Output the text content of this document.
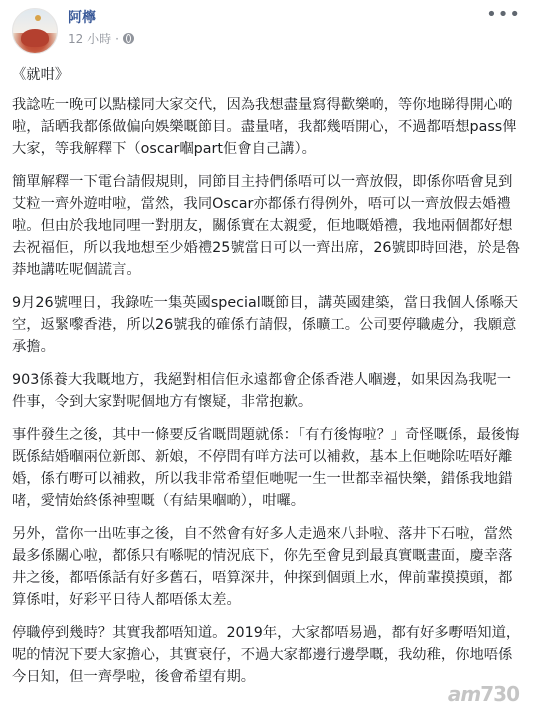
阿檸
12 小時 ·
•••

《就咁》

我諗咗一晚可以點樣同大家交代，因為我想盡量寫得歡樂啲，等你地睇得開心啲啦，話晒我都係做偏向娛樂嘅節目。盡量啫，我都幾唔開心，不過都唔想pass俾大家，等我解釋下（oscar嗰part佢會自己講）。

簡單解釋一下電台請假規則，同節目主持們係唔可以一齊放假，即係你唔會見到艾粒一齊外遊咁啦，當然，我同Oscar亦都係冇得例外，唔可以一齊放假去婚禮啦。但由於我地同哩一對朋友，關係實在太親愛，佢地嘅婚禮，我地兩個都好想去祝福佢，所以我地想至少婚禮25號當日可以一齊出席，26號即時回港，於是魯莽地講咗呢個謊言。

9月26號哩日，我錄咗一集英國special嘅節目，講英國建築，當日我個人係喺天空，返緊嚟香港，所以26號我的確係冇請假，係曠工。公司要停職處分，我願意承擔。

903係養大我嘅地方，我絕對相信佢永遠都會企係香港人嗰邊，如果因為我呢一件事，令到大家對呢個地方有懷疑，非常抱歉。

事件發生之後，其中一條要反省嘅問題就係：「有冇後悔啦？」奇怪嘅係，最後悔既係結婚嗰兩位新郎、新娘，不停問有咩方法可以補救，基本上佢哋除咗唔好離婚，係冇嘢可以補救，所以我非常希望佢哋呢一生一世都幸福快樂，錯係我地錯啫，愛情始終係神聖嘅（有結果嗰啲），咁囉。

另外，當你一出咗事之後，自不然會有好多人走過來八卦啦、落井下石啦，當然最多係關心啦，都係只有喺呢的情況底下，你先至會見到最真實嘅畫面，慶幸落井之後，都唔係話有好多舊石，唔算深井，仲探到個頭上水，俾前輩摸摸頭，都算係咁，好彩平日待人都唔係太差。

停職停到幾時？其實我都唔知道。2019年，大家都唔易過，都有好多嘢唔知道，呢的情況下要大家擔心，其實衰仔，不過大家都邊行邊學嘅，我幼稚，你地唔係今日知，但一齊學啦，後會希望有期。

am730
